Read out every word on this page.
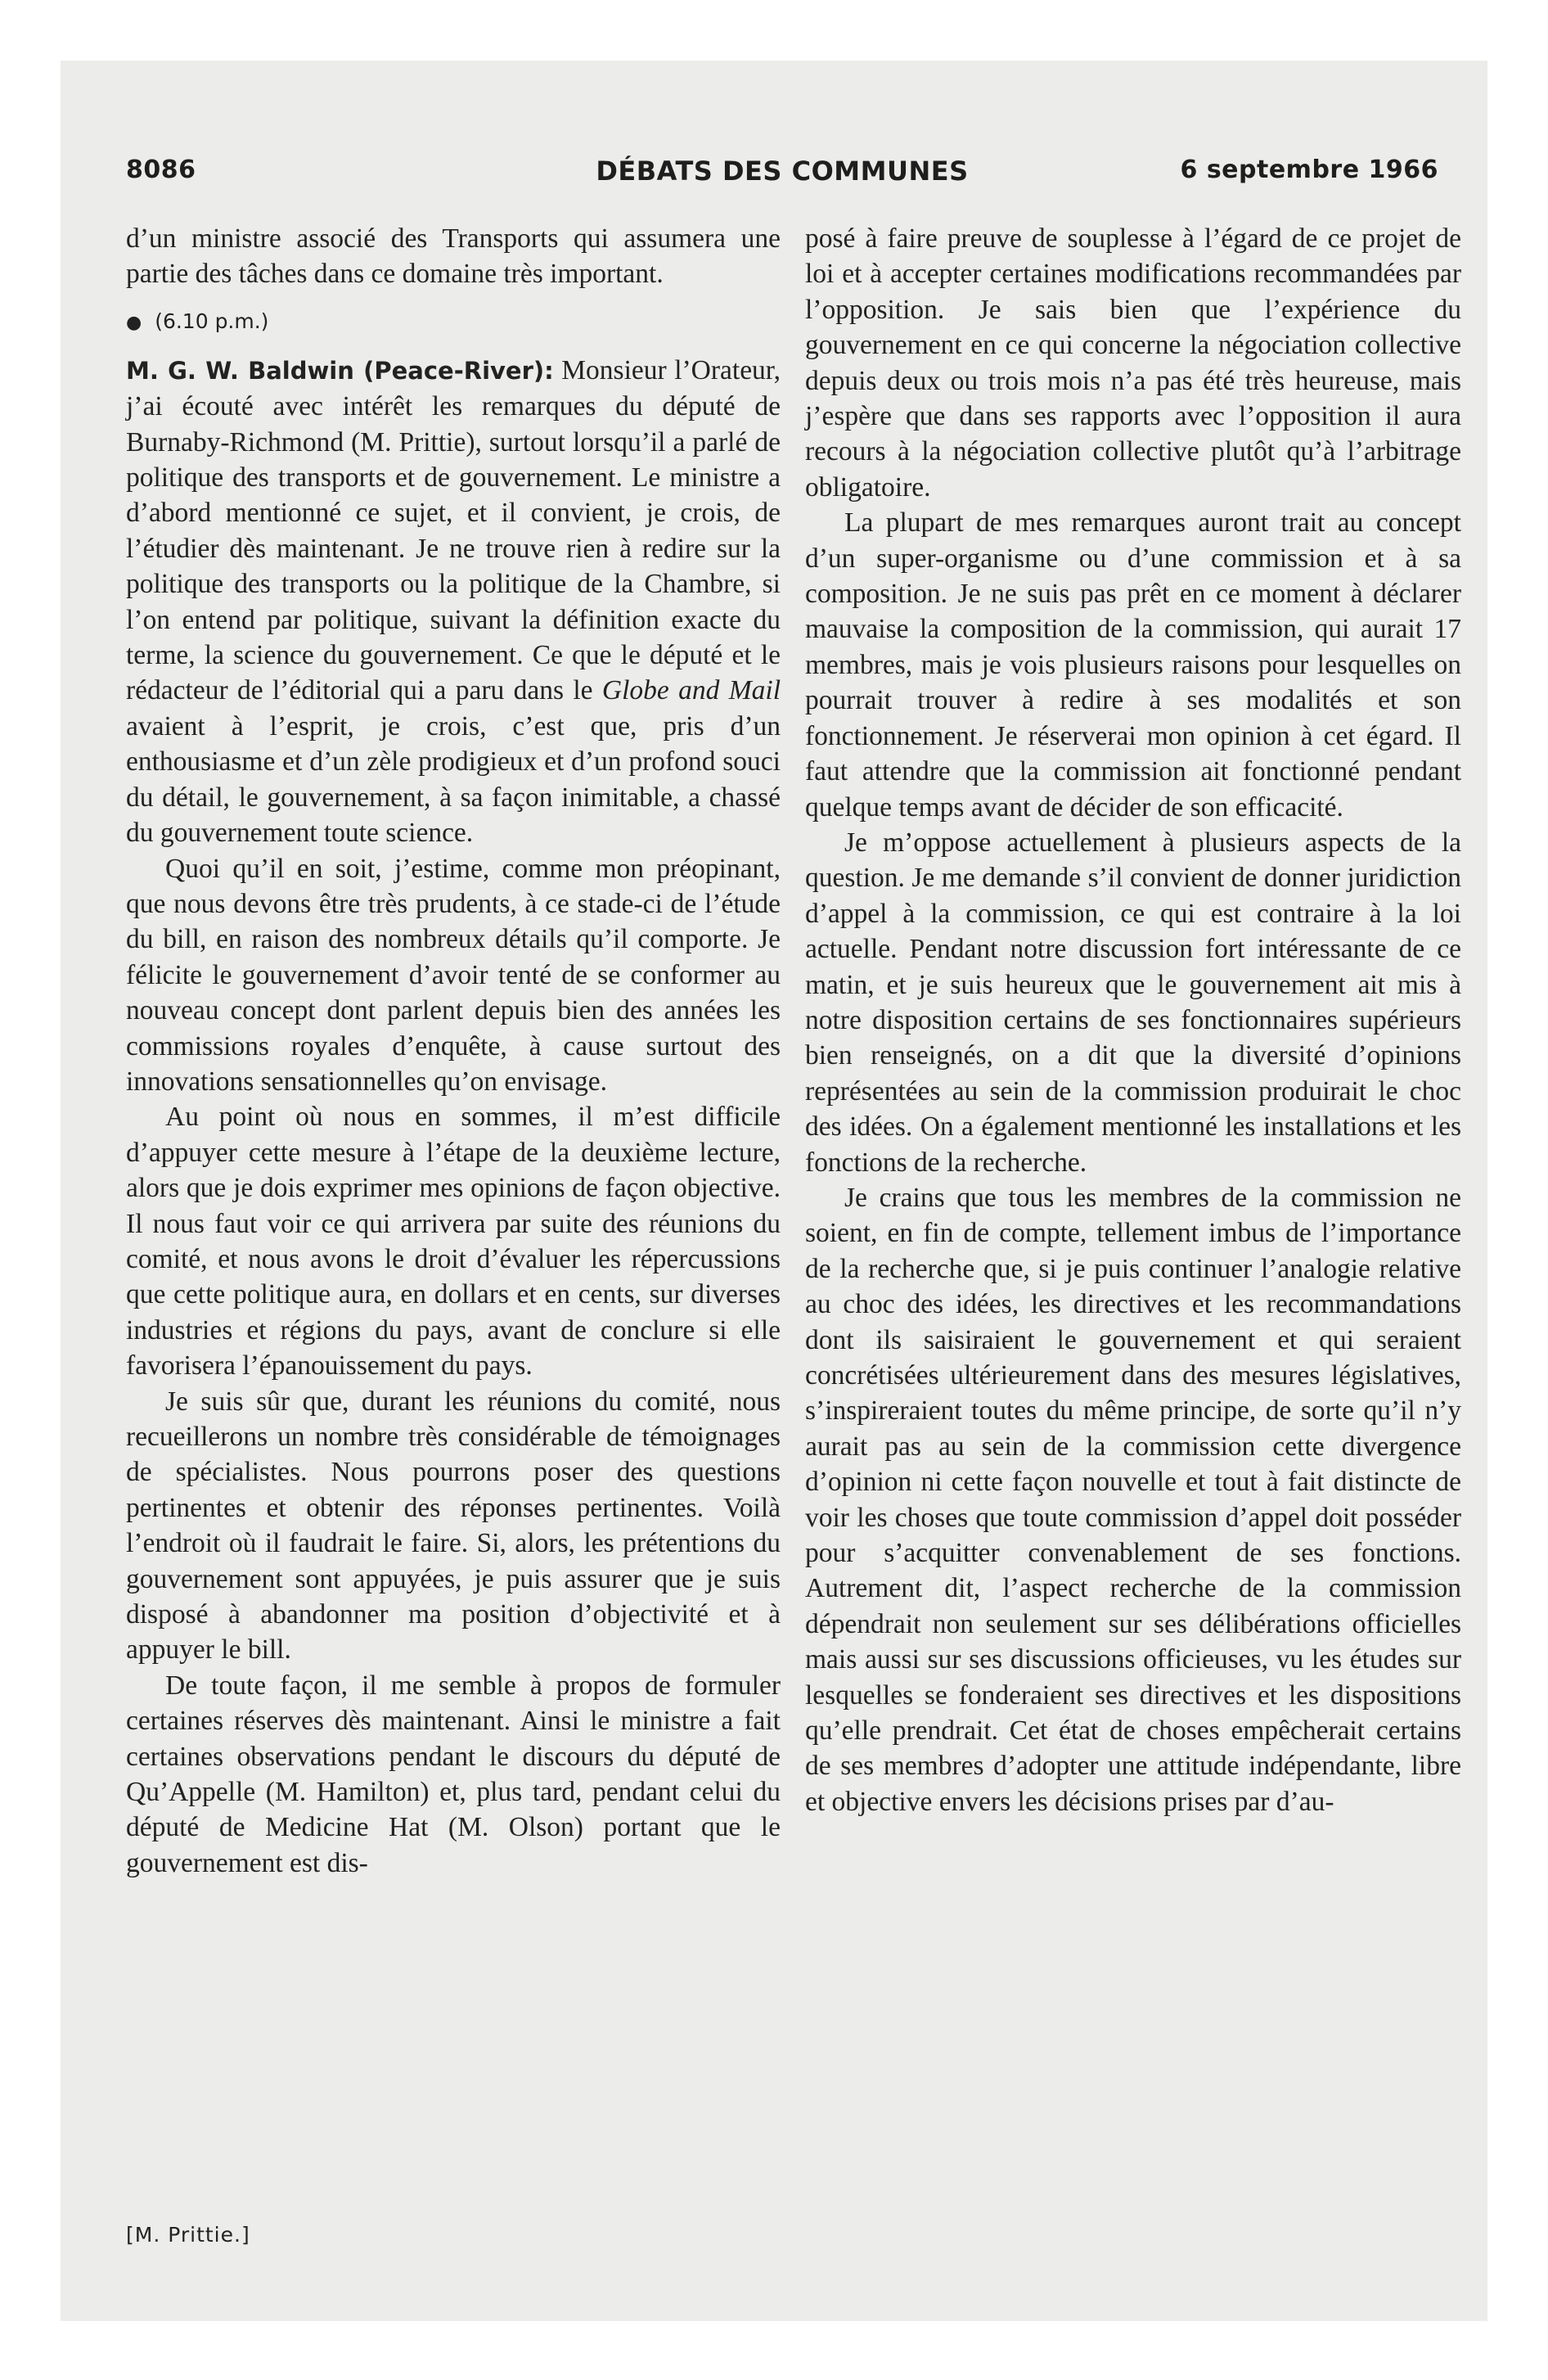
8086	DÉBATS DES COMMUNES	6 septembre 1966

d’un ministre associé des Transports qui assumera une partie des tâches dans ce domaine très important.

● (6.10 p.m.)

M. G. W. Baldwin (Peace-River): Monsieur l’Orateur, j’ai écouté avec intérêt les remarques du député de Burnaby-Richmond (M. Prittie), surtout lorsqu’il a parlé de politique des transports et de gouvernement. Le ministre a d’abord mentionné ce sujet, et il convient, je crois, de l’étudier dès maintenant. Je ne trouve rien à redire sur la politique des transports ou la politique de la Chambre, si l’on entend par politique, suivant la définition exacte du terme, la science du gouvernement. Ce que le député et le rédacteur de l’éditorial qui a paru dans le Globe and Mail avaient à l’esprit, je crois, c’est que, pris d’un enthousiasme et d’un zèle prodigieux et d’un profond souci du détail, le gouvernement, à sa façon inimitable, a chassé du gouvernement toute science.

Quoi qu’il en soit, j’estime, comme mon préopinant, que nous devons être très prudents, à ce stade-ci de l’étude du bill, en raison des nombreux détails qu’il comporte. Je félicite le gouvernement d’avoir tenté de se conformer au nouveau concept dont parlent depuis bien des années les commissions royales d’enquête, à cause surtout des innovations sensationnelles qu’on envisage.

Au point où nous en sommes, il m’est difficile d’appuyer cette mesure à l’étape de la deuxième lecture, alors que je dois exprimer mes opinions de façon objective. Il nous faut voir ce qui arrivera par suite des réunions du comité, et nous avons le droit d’évaluer les répercussions que cette politique aura, en dollars et en cents, sur diverses industries et régions du pays, avant de conclure si elle favorisera l’épanouissement du pays.

Je suis sûr que, durant les réunions du comité, nous recueillerons un nombre très considérable de témoignages de spécialistes. Nous pourrons poser des questions pertinentes et obtenir des réponses pertinentes. Voilà l’endroit où il faudrait le faire. Si, alors, les prétentions du gouvernement sont appuyées, je puis assurer que je suis disposé à abandonner ma position d’objectivité et à appuyer le bill.

De toute façon, il me semble à propos de formuler certaines réserves dès maintenant. Ainsi le ministre a fait certaines observations pendant le discours du député de Qu’Appelle (M. Hamilton) et, plus tard, pendant celui du député de Medicine Hat (M. Olson) portant que le gouvernement est dis-

posé à faire preuve de souplesse à l’égard de ce projet de loi et à accepter certaines modifications recommandées par l’opposition. Je sais bien que l’expérience du gouvernement en ce qui concerne la négociation collective depuis deux ou trois mois n’a pas été très heureuse, mais j’espère que dans ses rapports avec l’opposition il aura recours à la négociation collective plutôt qu’à l’arbitrage obligatoire.

La plupart de mes remarques auront trait au concept d’un super-organisme ou d’une commission et à sa composition. Je ne suis pas prêt en ce moment à déclarer mauvaise la composition de la commission, qui aurait 17 membres, mais je vois plusieurs raisons pour lesquelles on pourrait trouver à redire à ses modalités et son fonctionnement. Je réserverai mon opinion à cet égard. Il faut attendre que la commission ait fonctionné pendant quelque temps avant de décider de son efficacité.

Je m’oppose actuellement à plusieurs aspects de la question. Je me demande s’il convient de donner juridiction d’appel à la commission, ce qui est contraire à la loi actuelle. Pendant notre discussion fort intéressante de ce matin, et je suis heureux que le gouvernement ait mis à notre disposition certains de ses fonctionnaires supérieurs bien renseignés, on a dit que la diversité d’opinions représentées au sein de la commission produirait le choc des idées. On a également mentionné les installations et les fonctions de la recherche.

Je crains que tous les membres de la commission ne soient, en fin de compte, tellement imbus de l’importance de la recherche que, si je puis continuer l’analogie relative au choc des idées, les directives et les recommandations dont ils saisiraient le gouvernement et qui seraient concrétisées ultérieurement dans des mesures législatives, s’inspireraient toutes du même principe, de sorte qu’il n’y aurait pas au sein de la commission cette divergence d’opinion ni cette façon nouvelle et tout à fait distincte de voir les choses que toute commission d’appel doit posséder pour s’acquitter convenablement de ses fonctions. Autrement dit, l’aspect recherche de la commission dépendrait non seulement sur ses délibérations officielles mais aussi sur ses discussions officieuses, vu les études sur lesquelles se fonderaient ses directives et les dispositions qu’elle prendrait. Cet état de choses empêcherait certains de ses membres d’adopter une attitude indépendante, libre et objective envers les décisions prises par d’au-

[M. Prittie.]
